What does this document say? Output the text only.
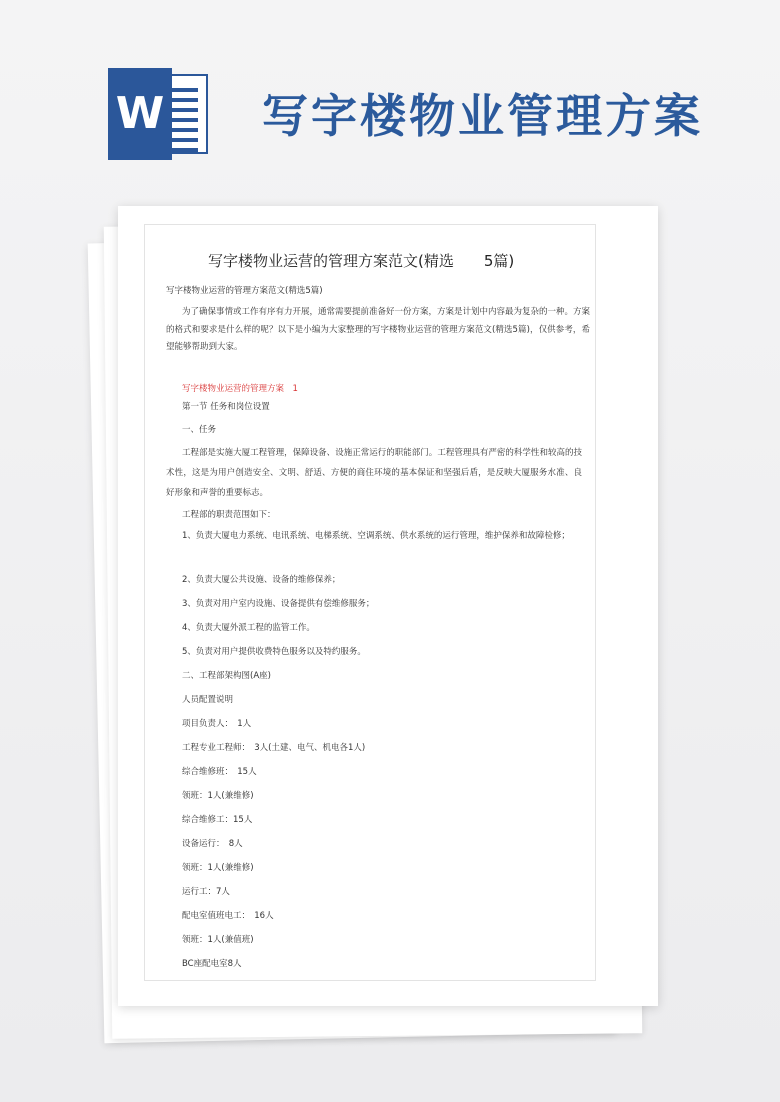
W 写字楼物业管理方案
写字楼物业运营的管理方案范文(精选　　5篇)
写字楼物业运营的管理方案范文(精选5篇)
为了确保事情或工作有序有力开展，通常需要提前准备好一份方案，方案是计划中内容最为复杂的一种。方案的格式和要求是什么样的呢？以下是小编为大家整理的写字楼物业运营的管理方案范文(精选5篇)，仅供参考，希望能够帮助到大家。
写字楼物业运营的管理方案　1
第一节 任务和岗位设置
一、任务
工程部是实施大厦工程管理，保障设备、设施正常运行的职能部门。工程管理具有严密的科学性和较高的技术性，这是为用户创造安全、文明、舒适、方便的商住环境的基本保证和坚强后盾，是反映大厦服务水准、良好形象和声誉的重要标志。
工程部的职责范围如下：
1、负责大厦电力系统、电讯系统、电梯系统、空调系统、供水系统的运行管理，维护保养和故障检修；
2、负责大厦公共设施、设备的维修保养；
3、负责对用户室内设施、设备提供有偿维修服务；
4、负责大厦外派工程的监管工作。
5、负责对用户提供收费特色服务以及特约服务。
二、工程部架构图(A座)
人员配置说明
项目负责人：　1人
工程专业工程师：　3人(土建、电气、机电各1人)
综合维修班：　15人
领班：1人(兼维修)
综合维修工：15人
设备运行：　8人
领班：1人(兼维修)
运行工：7人
配电室值班电工：　16人
领班：1人(兼值班)
BC座配电室8人
